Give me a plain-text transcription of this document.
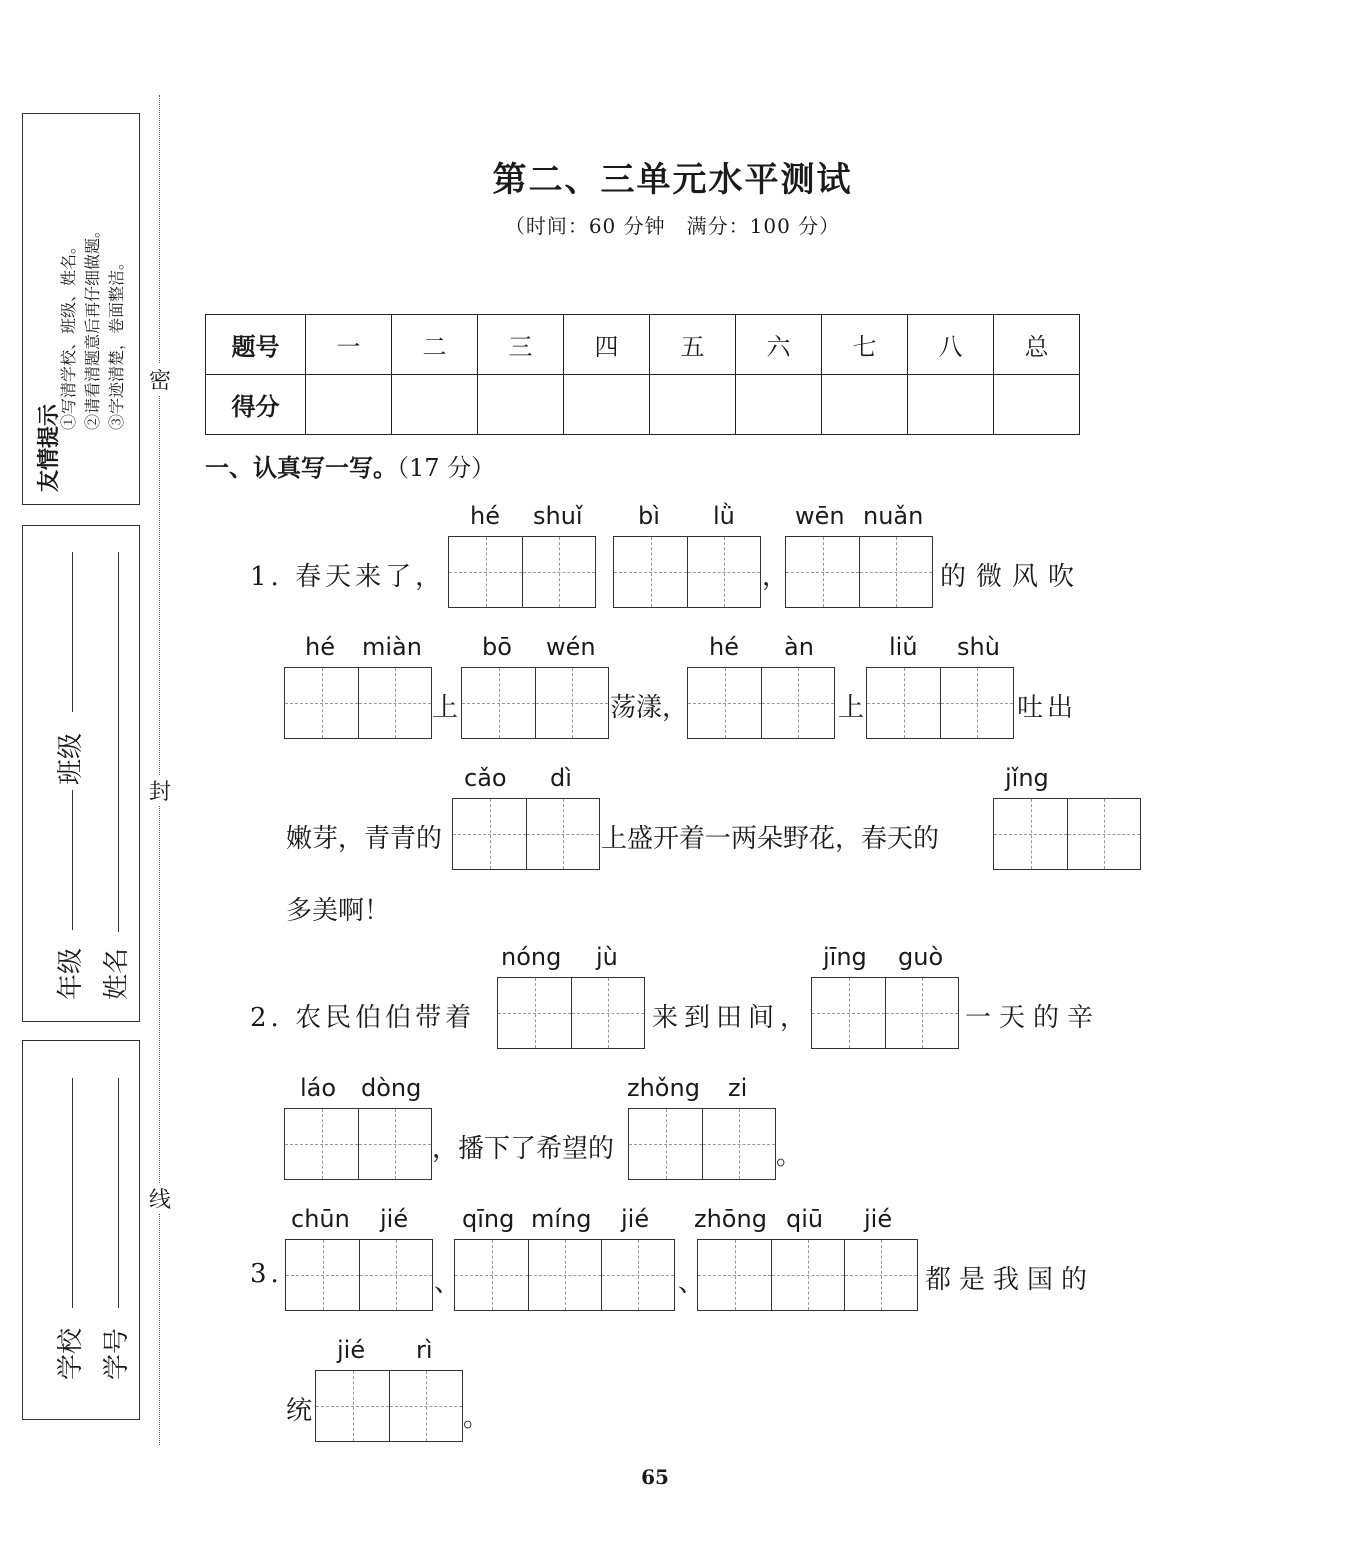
友情提示
①写清学校、班级、姓名。 ②请看清题意后再仔细做题。 ③字迹清楚，卷面整洁。
年级
班级
姓名
学校 学号
密
封
线
第二、三单元水平测试
（时间：60 分钟　满分：100 分）
题号	一	二	三	四	五	六	七	八	总
得分									
一、认真写一写。（17 分）
1. 春天来了，
hé shuǐ bì lǜ
，
wēn nuǎn
的微风吹
hé miàn
上
bō wén
荡漾，
hé àn
上
liǔ shù
吐出
嫩芽，青青的
cǎo dì
上盛开着一两朵野花，春天的
jǐng
多美啊！
2. 农民伯伯带着
nóng jù
来到田间，
jīng guò
一天的辛
láo dòng
，播下了希望的
zhǒng zi
。
3.
chūn jié
、
qīng míng jié
、
zhōng qiū jié
都是我国的
统
jié rì
。
65
